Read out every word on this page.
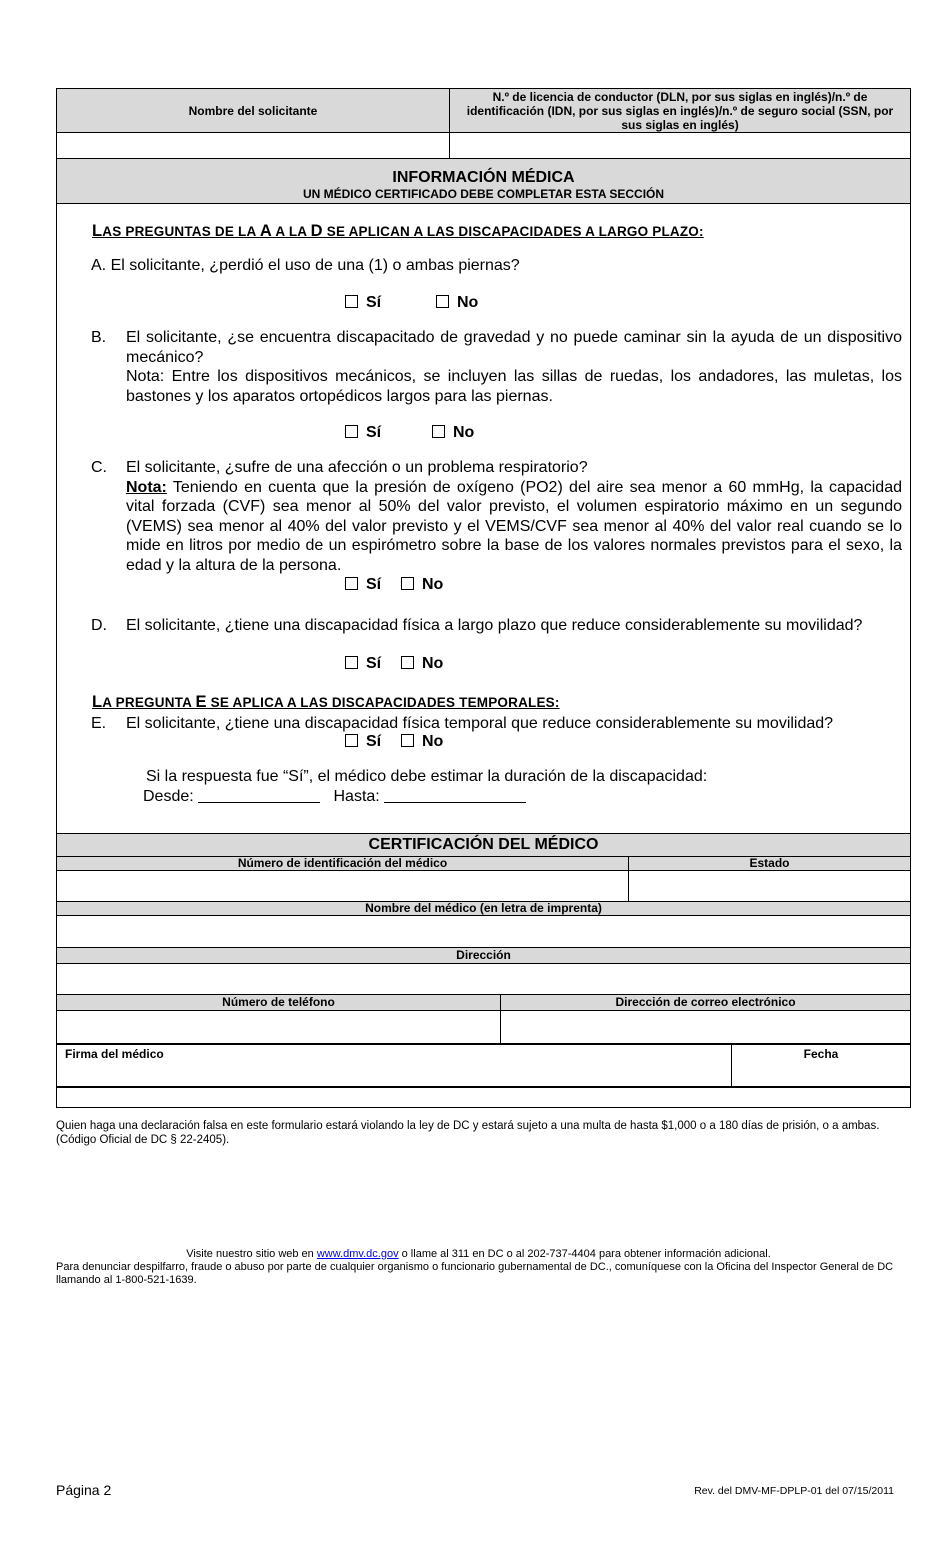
Nombre del solicitante
N.º de licencia de conductor (DLN, por sus siglas en inglés)/n.º de identificación (IDN, por sus siglas en inglés)/n.º de seguro social (SSN, por sus siglas en inglés)
INFORMACIÓN MÉDICA
UN MÉDICO CERTIFICADO DEBE COMPLETAR ESTA SECCIÓN
LAS PREGUNTAS DE LA A A LA D SE APLICAN A LAS DISCAPACIDADES A LARGO PLAZO:
A. El solicitante, ¿perdió el uso de una (1) o ambas piernas?
Sí	No
B. El solicitante, ¿se encuentra discapacitado de gravedad y no puede caminar sin la ayuda de un dispositivo mecánico?
Nota: Entre los dispositivos mecánicos, se incluyen las sillas de ruedas, los andadores, las muletas, los bastones y los aparatos ortopédicos largos para las piernas.
Sí	No
C. El solicitante, ¿sufre de una afección o un problema respiratorio?
Nota: Teniendo en cuenta que la presión de oxígeno (PO2) del aire sea menor a 60 mmHg, la capacidad vital forzada (CVF) sea menor al 50% del valor previsto, el volumen espiratorio máximo en un segundo (VEMS) sea menor al 40% del valor previsto y el VEMS/CVF sea menor al 40% del valor real cuando se lo mide en litros por medio de un espirómetro sobre la base de los valores normales previstos para el sexo, la edad y la altura de la persona.
Sí	No
D. El solicitante, ¿tiene una discapacidad física a largo plazo que reduce considerablemente su movilidad?
Sí	No
LA PREGUNTA E SE APLICA A LAS DISCAPACIDADES TEMPORALES:
E. El solicitante, ¿tiene una discapacidad física temporal que reduce considerablemente su movilidad?
Sí	No
Si la respuesta fue “Sí”, el médico debe estimar la duración de la discapacidad:
Desde:	Hasta:
CERTIFICACIÓN DEL MÉDICO
Número de identificación del médico	Estado
Nombre del médico (en letra de imprenta)
Dirección
Número de teléfono	Dirección de correo electrónico
Firma del médico	Fecha
Quien haga una declaración falsa en este formulario estará violando la ley de DC y estará sujeto a una multa de hasta $1,000 o a 180 días de prisión, o a ambas. (Código Oficial de DC § 22-2405).
Visite nuestro sitio web en www.dmv.dc.gov o llame al 311 en DC o al 202-737-4404 para obtener información adicional.
Para denunciar despilfarro, fraude o abuso por parte de cualquier organismo o funcionario gubernamental de DC., comuníquese con la Oficina del Inspector General de DC llamando al 1-800-521-1639.
Página 2	Rev. del DMV-MF-DPLP-01 del 07/15/2011
